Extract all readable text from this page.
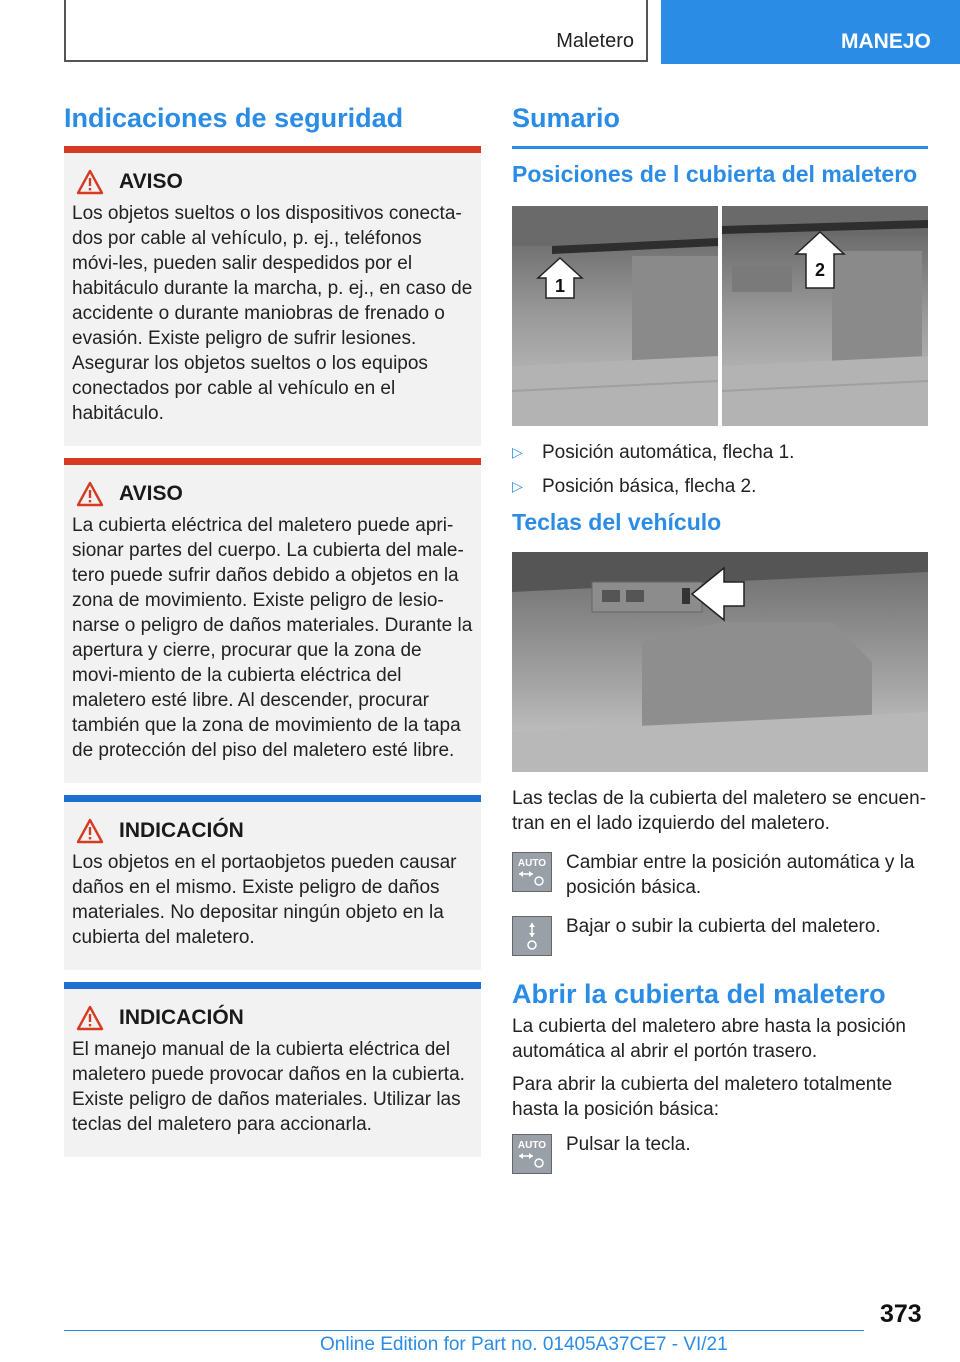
Maletero	MANEJO
Indicaciones de seguridad
AVISO

Los objetos sueltos o los dispositivos conecta-dos por cable al vehículo, p. ej., teléfonos móvi-les, pueden salir despedidos por el habitáculo durante la marcha, p. ej., en caso de accidente o durante maniobras de frenado o evasión. Existe peligro de sufrir lesiones. Asegurar los objetos sueltos o los equipos conectados por cable al vehículo en el habitáculo.

AVISO

La cubierta eléctrica del maletero puede apri-sionar partes del cuerpo. La cubierta del male-tero puede sufrir daños debido a objetos en la zona de movimiento. Existe peligro de lesio-narse o peligro de daños materiales. Durante la apertura y cierre, procurar que la zona de movi-miento de la cubierta eléctrica del maletero esté libre. Al descender, procurar también que la zona de movimiento de la tapa de protección del piso del maletero esté libre.

INDICACIÓN

Los objetos en el portaobjetos pueden causar daños en el mismo. Existe peligro de daños materiales. No depositar ningún objeto en la cubierta del maletero.

INDICACIÓN

El manejo manual de la cubierta eléctrica del maletero puede provocar daños en la cubierta. Existe peligro de daños materiales. Utilizar las teclas del maletero para accionarla.

Sumario
Posiciones de l cubierta del maletero
1
2
▷	Posición automática, flecha 1.
▷	Posición básica, flecha 2.
Teclas del vehículo

Las teclas de la cubierta del maletero se encuen-tran en el lado izquierdo del maletero.

AUTO Cambiar entre la posición automática y la posición básica.
Bajar o subir la cubierta del maletero.
Abrir la cubierta del maletero

La cubierta del maletero abre hasta la posición automática al abrir el portón trasero.

Para abrir la cubierta del maletero totalmente hasta la posición básica:

AUTO Pulsar la tecla.
373
Online Edition for Part no. 01405A37CE7 - VI/21
